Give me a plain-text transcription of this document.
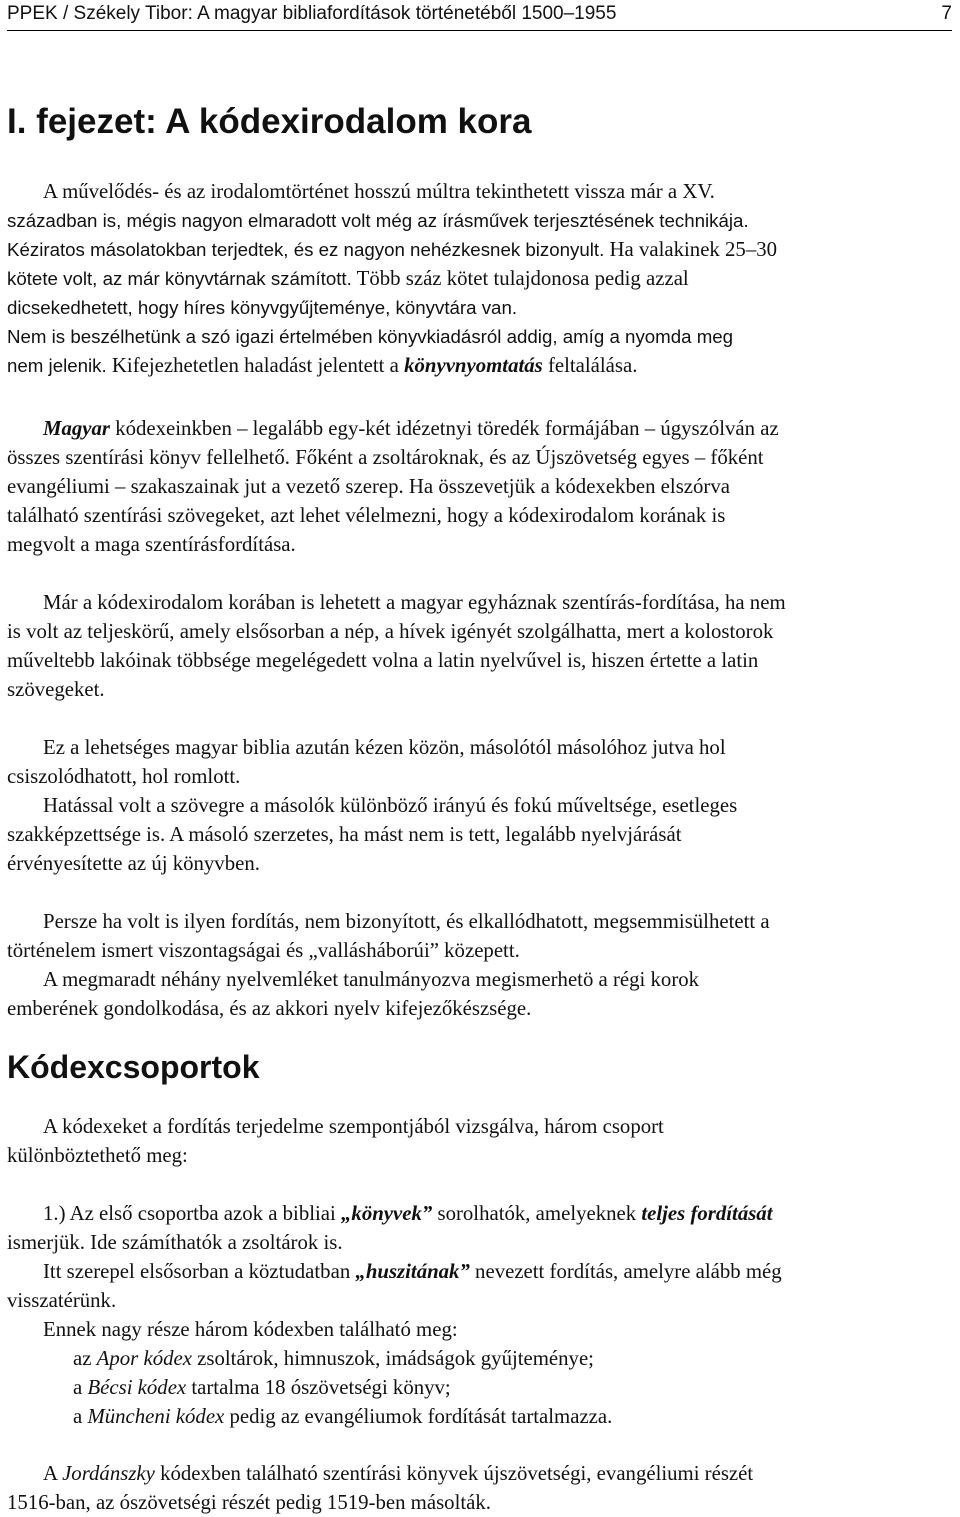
PPEK / Székely Tibor: A magyar bibliafordítások történetéből 1500–1955	7
I. fejezet: A kódexirodalom kora
A művelődés- és az irodalomtörténet hosszú múltra tekinthetett vissza már a XV.
században is, mégis nagyon elmaradott volt még az írásművek terjesztésének technikája.
Kéziratos másolatokban terjedtek, és ez nagyon nehézkesnek bizonyult. Ha valakinek 25–30
kötete volt, az már könyvtárnak számított. Több száz kötet tulajdonosa pedig azzal
dicsekedhetett, hogy híres könyvgyűjteménye, könyvtára van.
Nem is beszélhetünk a szó igazi értelmében könyvkiadásról addig, amíg a nyomda meg
nem jelenik. Kifejezhetetlen haladást jelentett a könyvnyomtatás feltalálása.
Magyar kódexeinkben – legalább egy-két idézetnyi töredék formájában – úgyszólván az
összes szentírási könyv fellelhető. Főként a zsoltároknak, és az Újszövetség egyes – főként
evangéliumi – szakaszainak jut a vezető szerep. Ha összevetjük a kódexekben elszórva
található szentírási szövegeket, azt lehet vélelmezni, hogy a kódexirodalom korának is
megvolt a maga szentírásfordítása.
Már a kódexirodalom korában is lehetett a magyar egyháznak szentírás-fordítása, ha nem
is volt az teljeskörű, amely elsősorban a nép, a hívek igényét szolgálhatta, mert a kolostorok
műveltebb lakóinak többsége megelégedett volna a latin nyelvűvel is, hiszen értette a latin
szövegeket.
Ez a lehetséges magyar biblia azután kézen közön, másolótól másolóhoz jutva hol
csiszolódhatott, hol romlott.
Hatással volt a szövegre a másolók különböző irányú és fokú műveltsége, esetleges
szakképzettsége is. A másoló szerzetes, ha mást nem is tett, legalább nyelvjárását
érvényesítette az új könyvben.
Persze ha volt is ilyen fordítás, nem bizonyított, és elkallódhatott, megsemmisülhetett a
történelem ismert viszontagságai és „vallásháborúi” közepett.
A megmaradt néhány nyelvemléket tanulmányozva megismerhetö a régi korok
emberének gondolkodása, és az akkori nyelv kifejezőkészsége.
Kódexcsoportok
A kódexeket a fordítás terjedelme szempontjából vizsgálva, három csoport
különböztethető meg:
1.) Az első csoportba azok a bibliai „könyvek” sorolhatók, amelyeknek teljes fordítását
ismerjük. Ide számíthatók a zsoltárok is.
Itt szerepel elsősorban a köztudatban „huszitának” nevezett fordítás, amelyre alább még
visszatérünk.
Ennek nagy része három kódexben található meg:
az Apor kódex zsoltárok, himnuszok, imádságok gyűjteménye;
a Bécsi kódex tartalma 18 ószövetségi könyv;
a Müncheni kódex pedig az evangéliumok fordítását tartalmazza.
A Jordánszky kódexben található szentírási könyvek újszövetségi, evangéliumi részét
1516-ban, az ószövetségi részét pedig 1519-ben másolták.
